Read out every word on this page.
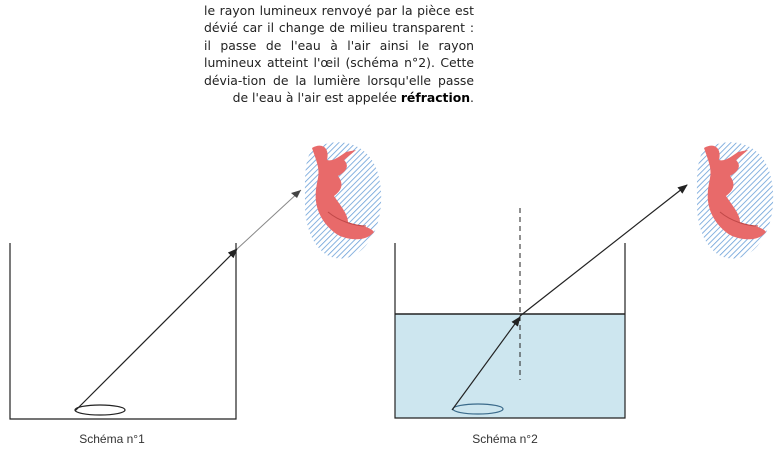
le rayon lumineux renvoyé par la pièce est dévié car il change de milieu transparent : il passe de l'eau à l'air ainsi le rayon lumineux atteint l'œil (schéma n°2). Cette dévia-tion de la lumière lorsqu'elle passe de l'eau à l'air est appelée réfraction.
Schéma n°1	Schéma n°2
